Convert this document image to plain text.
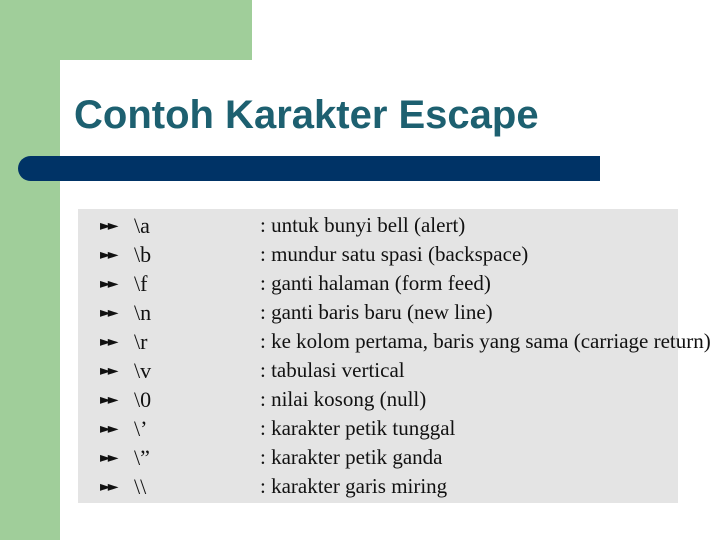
Contoh Karakter Escape
►► \a	: untuk bunyi bell (alert)
►► \b	: mundur satu spasi (backspace)
►► \f	: ganti halaman (form feed)
►► \n	: ganti baris baru (new line)
►► \r	: ke kolom pertama, baris yang sama (carriage return)
►► \v	: tabulasi vertical
►► \0	: nilai kosong (null)
►► \’	: karakter petik tunggal
►► \”	: karakter petik ganda
►► \\	: karakter garis miring
